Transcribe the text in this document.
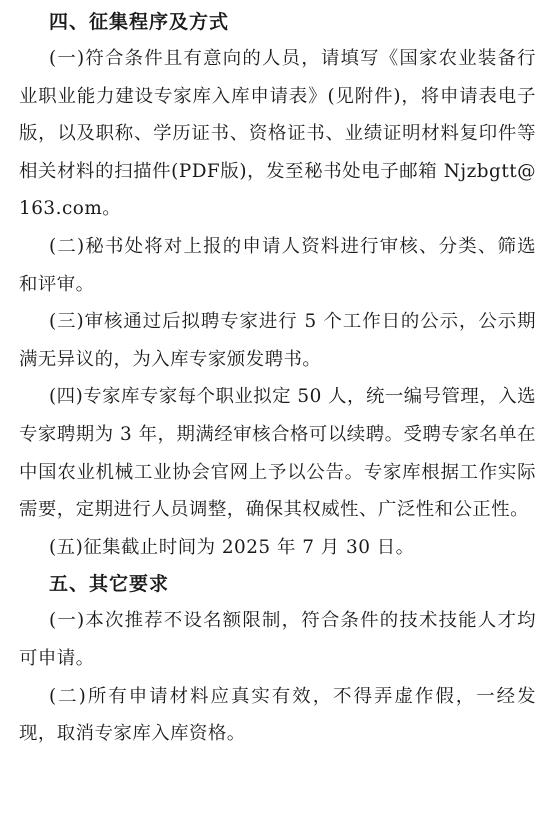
四、征集程序及方式

(一)符合条件且有意向的人员，请填写《国家农业装备行业职业能力建设专家库入库申请表》(见附件)，将申请表电子版，以及职称、学历证书、资格证书、业绩证明材料复印件等相关材料的扫描件(PDF版)，发至秘书处电子邮箱 Njzbgtt@163.com。

(二)秘书处将对上报的申请人资料进行审核、分类、筛选和评审。

(三)审核通过后拟聘专家进行 5 个工作日的公示，公示期满无异议的，为入库专家颁发聘书。

(四)专家库专家每个职业拟定 50 人，统一编号管理，入选专家聘期为 3 年，期满经审核合格可以续聘。受聘专家名单在中国农业机械工业协会官网上予以公告。专家库根据工作实际需要，定期进行人员调整，确保其权威性、广泛性和公正性。

(五)征集截止时间为 2025 年 7 月 30 日。

五、其它要求

(一)本次推荐不设名额限制，符合条件的技术技能人才均可申请。

(二)所有申请材料应真实有效，不得弄虚作假，一经发现，取消专家库入库资格。
